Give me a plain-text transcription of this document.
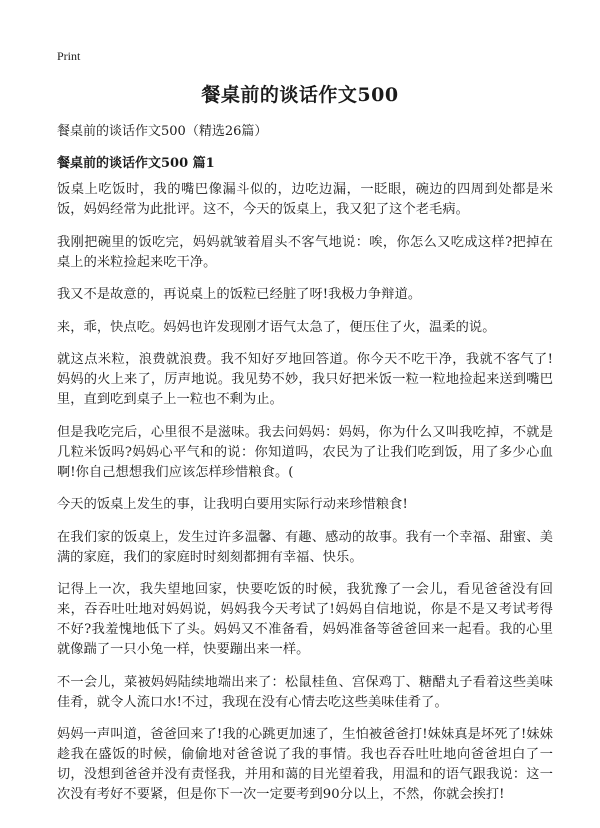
Print
餐桌前的谈话作文500
餐桌前的谈话作文500（精选26篇）
餐桌前的谈话作文500 篇1

饭桌上吃饭时，我的嘴巴像漏斗似的，边吃边漏，一眨眼，碗边的四周到处都是米饭，妈妈经常为此批评。这不，今天的饭桌上，我又犯了这个老毛病。

我刚把碗里的饭吃完，妈妈就皱着眉头不客气地说：唉，你怎么又吃成这样?把掉在桌上的米粒捡起来吃干净。

我又不是故意的，再说桌上的饭粒已经脏了呀!我极力争辩道。

来，乖，快点吃。妈妈也许发现刚才语气太急了，便压住了火，温柔的说。

就这点米粒，浪费就浪费。我不知好歹地回答道。你今天不吃干净，我就不客气了!妈妈的火上来了，厉声地说。我见势不妙，我只好把米饭一粒一粒地捡起来送到嘴巴里，直到吃到桌子上一粒也不剩为止。

但是我吃完后，心里很不是滋味。我去问妈妈：妈妈，你为什么又叫我吃掉，不就是几粒米饭吗?妈妈心平气和的说：你知道吗，农民为了让我们吃到饭，用了多少心血啊!你自己想想我们应该怎样珍惜粮食。(

今天的饭桌上发生的事，让我明白要用实际行动来珍惜粮食!

在我们家的饭桌上，发生过许多温馨、有趣、感动的故事。我有一个幸福、甜蜜、美满的家庭，我们的家庭时时刻刻都拥有幸福、快乐。

记得上一次，我失望地回家，快要吃饭的时候，我犹豫了一会儿，看见爸爸没有回来，吞吞吐吐地对妈妈说，妈妈我今天考试了!妈妈自信地说，你是不是又考试考得不好?我羞愧地低下了头。妈妈又不准备看，妈妈准备等爸爸回来一起看。我的心里就像踹了一只小兔一样，快要蹦出来一样。

不一会儿，菜被妈妈陆续地端出来了：松鼠桂鱼、宫保鸡丁、糖醋丸子看着这些美味佳肴，就令人流口水!不过，我现在没有心情去吃这些美味佳肴了。

妈妈一声叫道，爸爸回来了!我的心跳更加速了，生怕被爸爸打!妹妹真是坏死了!妹妹趁我在盛饭的时候，偷偷地对爸爸说了我的事情。我也吞吞吐吐地向爸爸坦白了一切，没想到爸爸并没有责怪我，并用和蔼的目光望着我，用温和的语气跟我说：这一次没有考好不要紧，但是你下一次一定要考到90分以上，不然，你就会挨打!
